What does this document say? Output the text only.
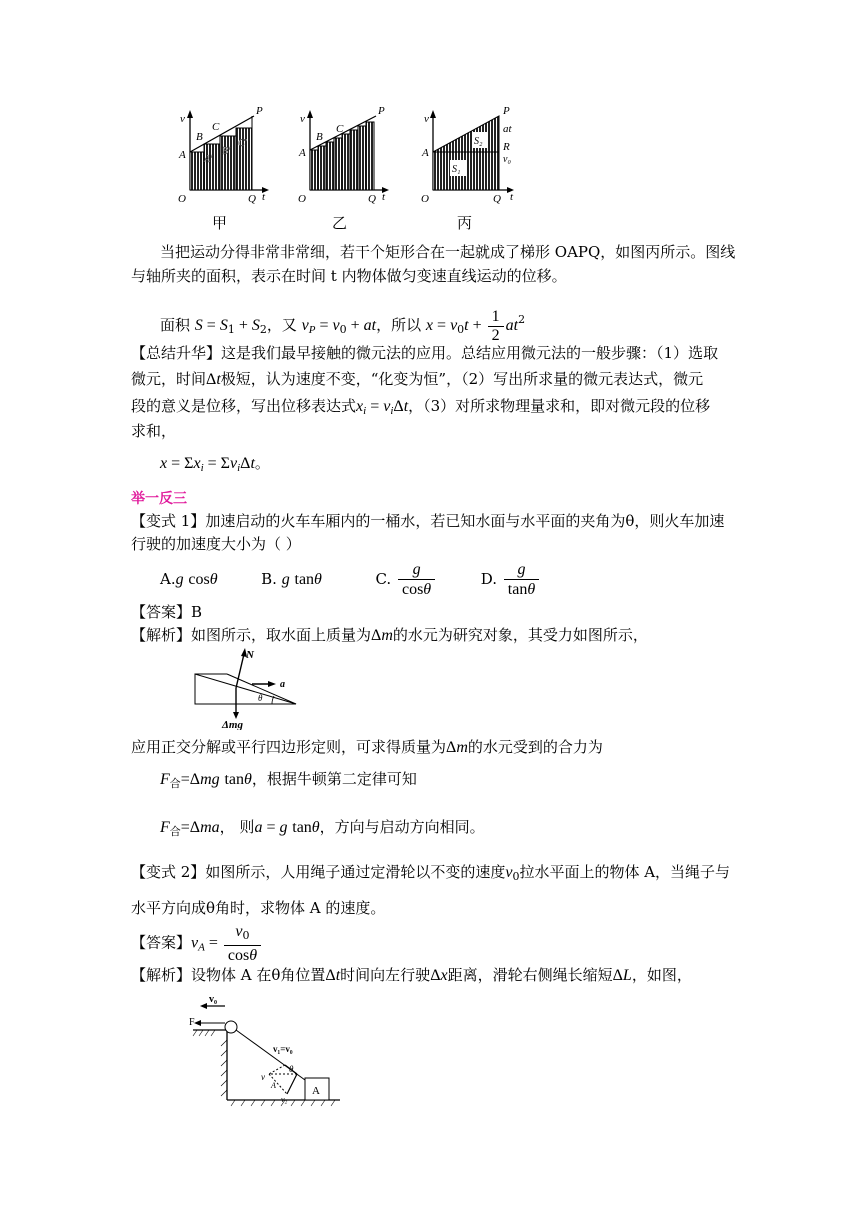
v
P
A
B
C
A'
B'
C'
O	Q t
甲
v
P
A
B
C
O	Q t
乙
v
P
at
S₂ R
A
v₀
S₁
O	Q t
丙
当把运动分得非常非常细，若干个矩形合在一起就成了梯形 OAPQ，如图丙所示。图线
与轴所夹的面积，表示在时间 t 内物体做匀变速直线运动的位移。
面积 $S = S_1 + S_2$，又 $v_P = v_0$ + at，所以 $x = v_0t + \frac{1}{2} at^2$
【总结升华】这是我们最早接触的微元法的应用。总结应用微元法的一般步骤：（1）选取
微元，时间Δt极短，认为速度不变，“化变为恒”，（2）写出所求量的微元表达式，微元
段的意义是位移，写出位移表达式$x_i = v_i\Delta t$，（3）对所求物理量求和，即对微元段的位移
求和，
$x = \Sigma x_i = \Sigma v_i\Delta t$。
举一反三
【变式 1】加速启动的火车车厢内的一桶水，若已知水面与水平面的夹角为θ，则火车加速
行驶的加速度大小为（ ）
A.g cosθ	B. g tanθ	C. $\frac{g}{\cos\theta}$	D. $\frac{g}{\tan\theta}$
【答案】B
【解析】如图所示，取水面上质量为Δm的水元为研究对象，其受力如图所示，
N
a
θ
Δmg
应用正交分解或平行四边形定则，可求得质量为Δm的水元受到的合力为
$F_合=\Delta mg$ tanθ，根据牛顿第二定律可知
$F_合=\Delta ma$， 则a = g tanθ，方向与启动方向相同。
【变式 2】如图所示，人用绳子通过定滑轮以不变的速度$v_0$拉水平面上的物体 A，当绳子与
水平方向成θ角时，求物体 A 的速度。
【答案】$v_A = \frac{v_0}{\cos\theta}$
【解析】设物体 A 在θ角位置Δt时间向左行驶Δx距离，滑轮右侧绳长缩短ΔL，如图，
v₀
F
v₁=v₀
θ
v
A
v₂
A
